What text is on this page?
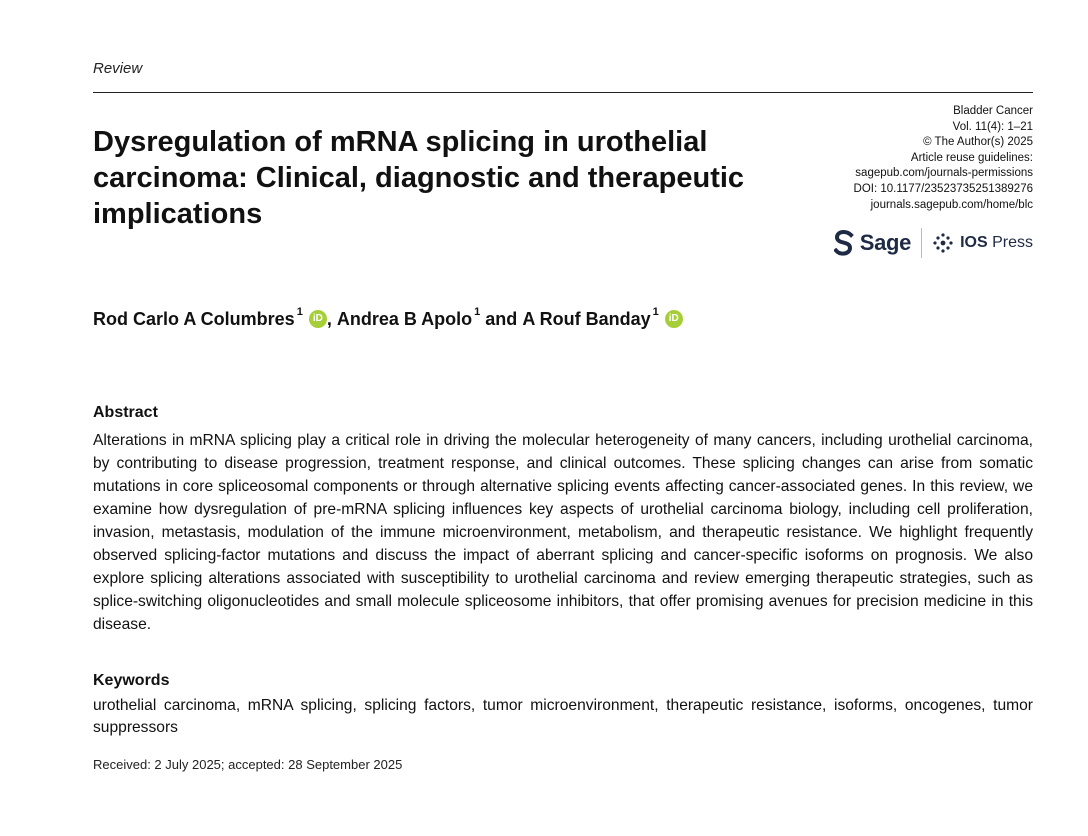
Review
Bladder Cancer
Vol. 11(4): 1–21
© The Author(s) 2025
Article reuse guidelines:
sagepub.com/journals-permissions
DOI: 10.1177/23523735251389276
journals.sagepub.com/home/blc
Sage	IOS Press
Dysregulation of mRNA splicing in urothelial carcinoma: Clinical, diagnostic and therapeutic implications
Rod Carlo A Columbres$^1$
iD , Andrea B Apolo$^1$ and A Rouf Banday$^1$
iD
Abstract

Alterations in mRNA splicing play a critical role in driving the molecular heterogeneity of many cancers, including urothelial carcinoma, by contributing to disease progression, treatment response, and clinical outcomes. These splicing changes can arise from somatic mutations in core spliceosomal components or through alternative splicing events affecting cancer-associated genes. In this review, we examine how dysregulation of pre-mRNA splicing influences key aspects of urothelial carcinoma biology, including cell proliferation, invasion, metastasis, modulation of the immune microenvironment, metabolism, and therapeutic resistance. We highlight frequently observed splicing-factor mutations and discuss the impact of aberrant splicing and cancer-specific isoforms on prognosis. We also explore splicing alterations associated with susceptibility to urothelial carcinoma and review emerging therapeutic strategies, such as splice-switching oligonucleotides and small molecule spliceosome inhibitors, that offer promising avenues for precision medicine in this disease.

Keywords

urothelial carcinoma, mRNA splicing, splicing factors, tumor microenvironment, therapeutic resistance, isoforms, oncogenes, tumor suppressors

Received: 2 July 2025; accepted: 28 September 2025
